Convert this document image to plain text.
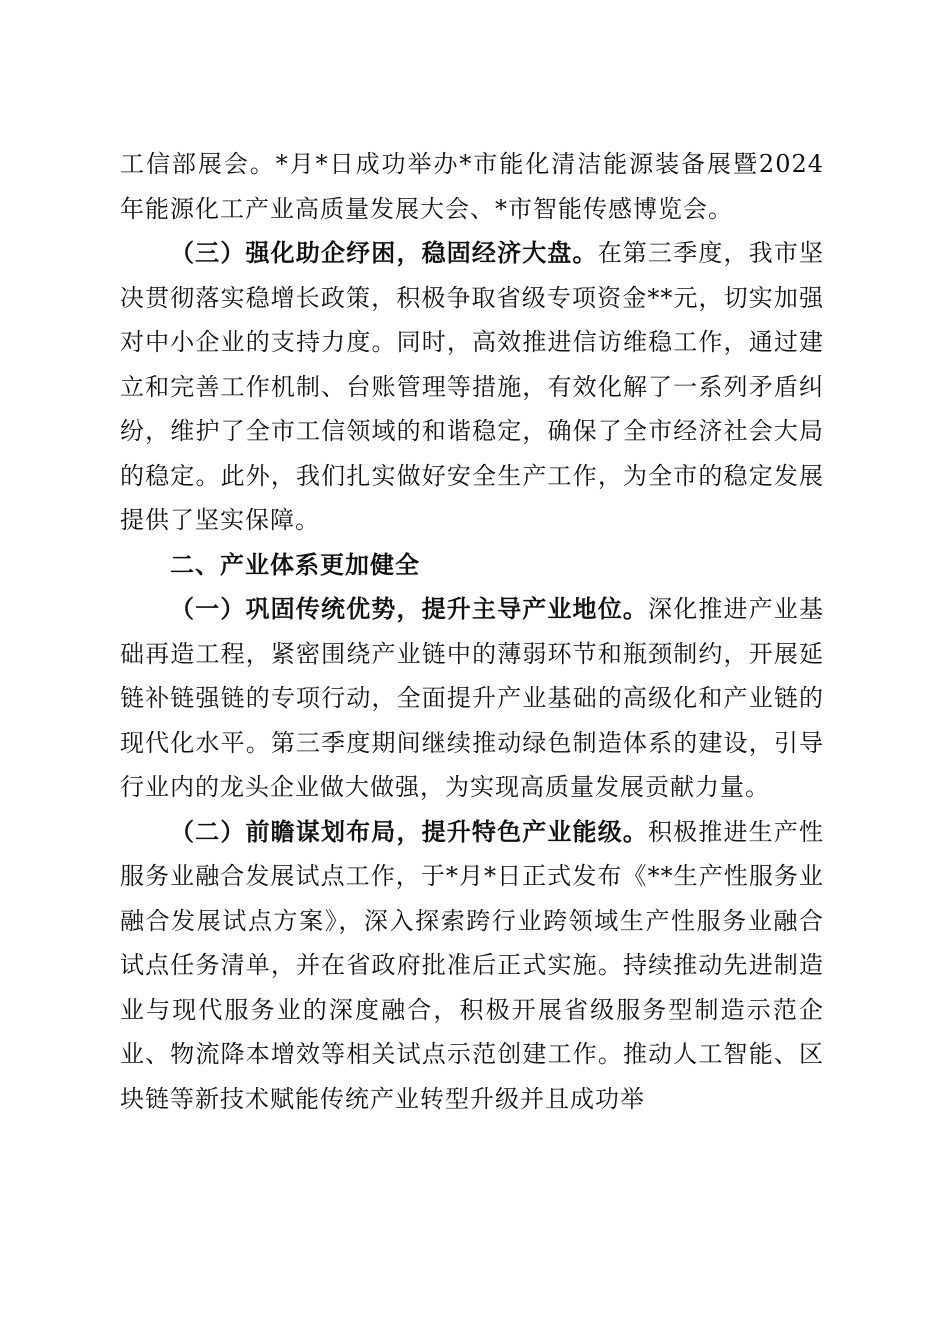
工信部展会。*月*日成功举办*市能化清洁能源装备展暨2024年能源化工产业高质量发展大会、*市智能传感博览会。

（三）强化助企纾困，稳固经济大盘。在第三季度，我市坚决贯彻落实稳增长政策，积极争取省级专项资金**元，切实加强对中小企业的支持力度。同时，高效推进信访维稳工作，通过建立和完善工作机制、台账管理等措施，有效化解了一系列矛盾纠纷，维护了全市工信领域的和谐稳定，确保了全市经济社会大局的稳定。此外，我们扎实做好安全生产工作，为全市的稳定发展提供了坚实保障。

二、产业体系更加健全

（一）巩固传统优势，提升主导产业地位。深化推进产业基础再造工程，紧密围绕产业链中的薄弱环节和瓶颈制约，开展延链补链强链的专项行动，全面提升产业基础的高级化和产业链的现代化水平。第三季度期间继续推动绿色制造体系的建设，引导行业内的龙头企业做大做强，为实现高质量发展贡献力量。

（二）前瞻谋划布局，提升特色产业能级。积极推进生产性服务业融合发展试点工作，于*月*日正式发布《**生产性服务业融合发展试点方案》，深入探索跨行业跨领域生产性服务业融合试点任务清单，并在省政府批准后正式实施。持续推动先进制造业与现代服务业的深度融合，积极开展省级服务型制造示范企业、物流降本增效等相关试点示范创建工作。推动人工智能、区块链等新技术赋能传统产业转型升级并且成功举
